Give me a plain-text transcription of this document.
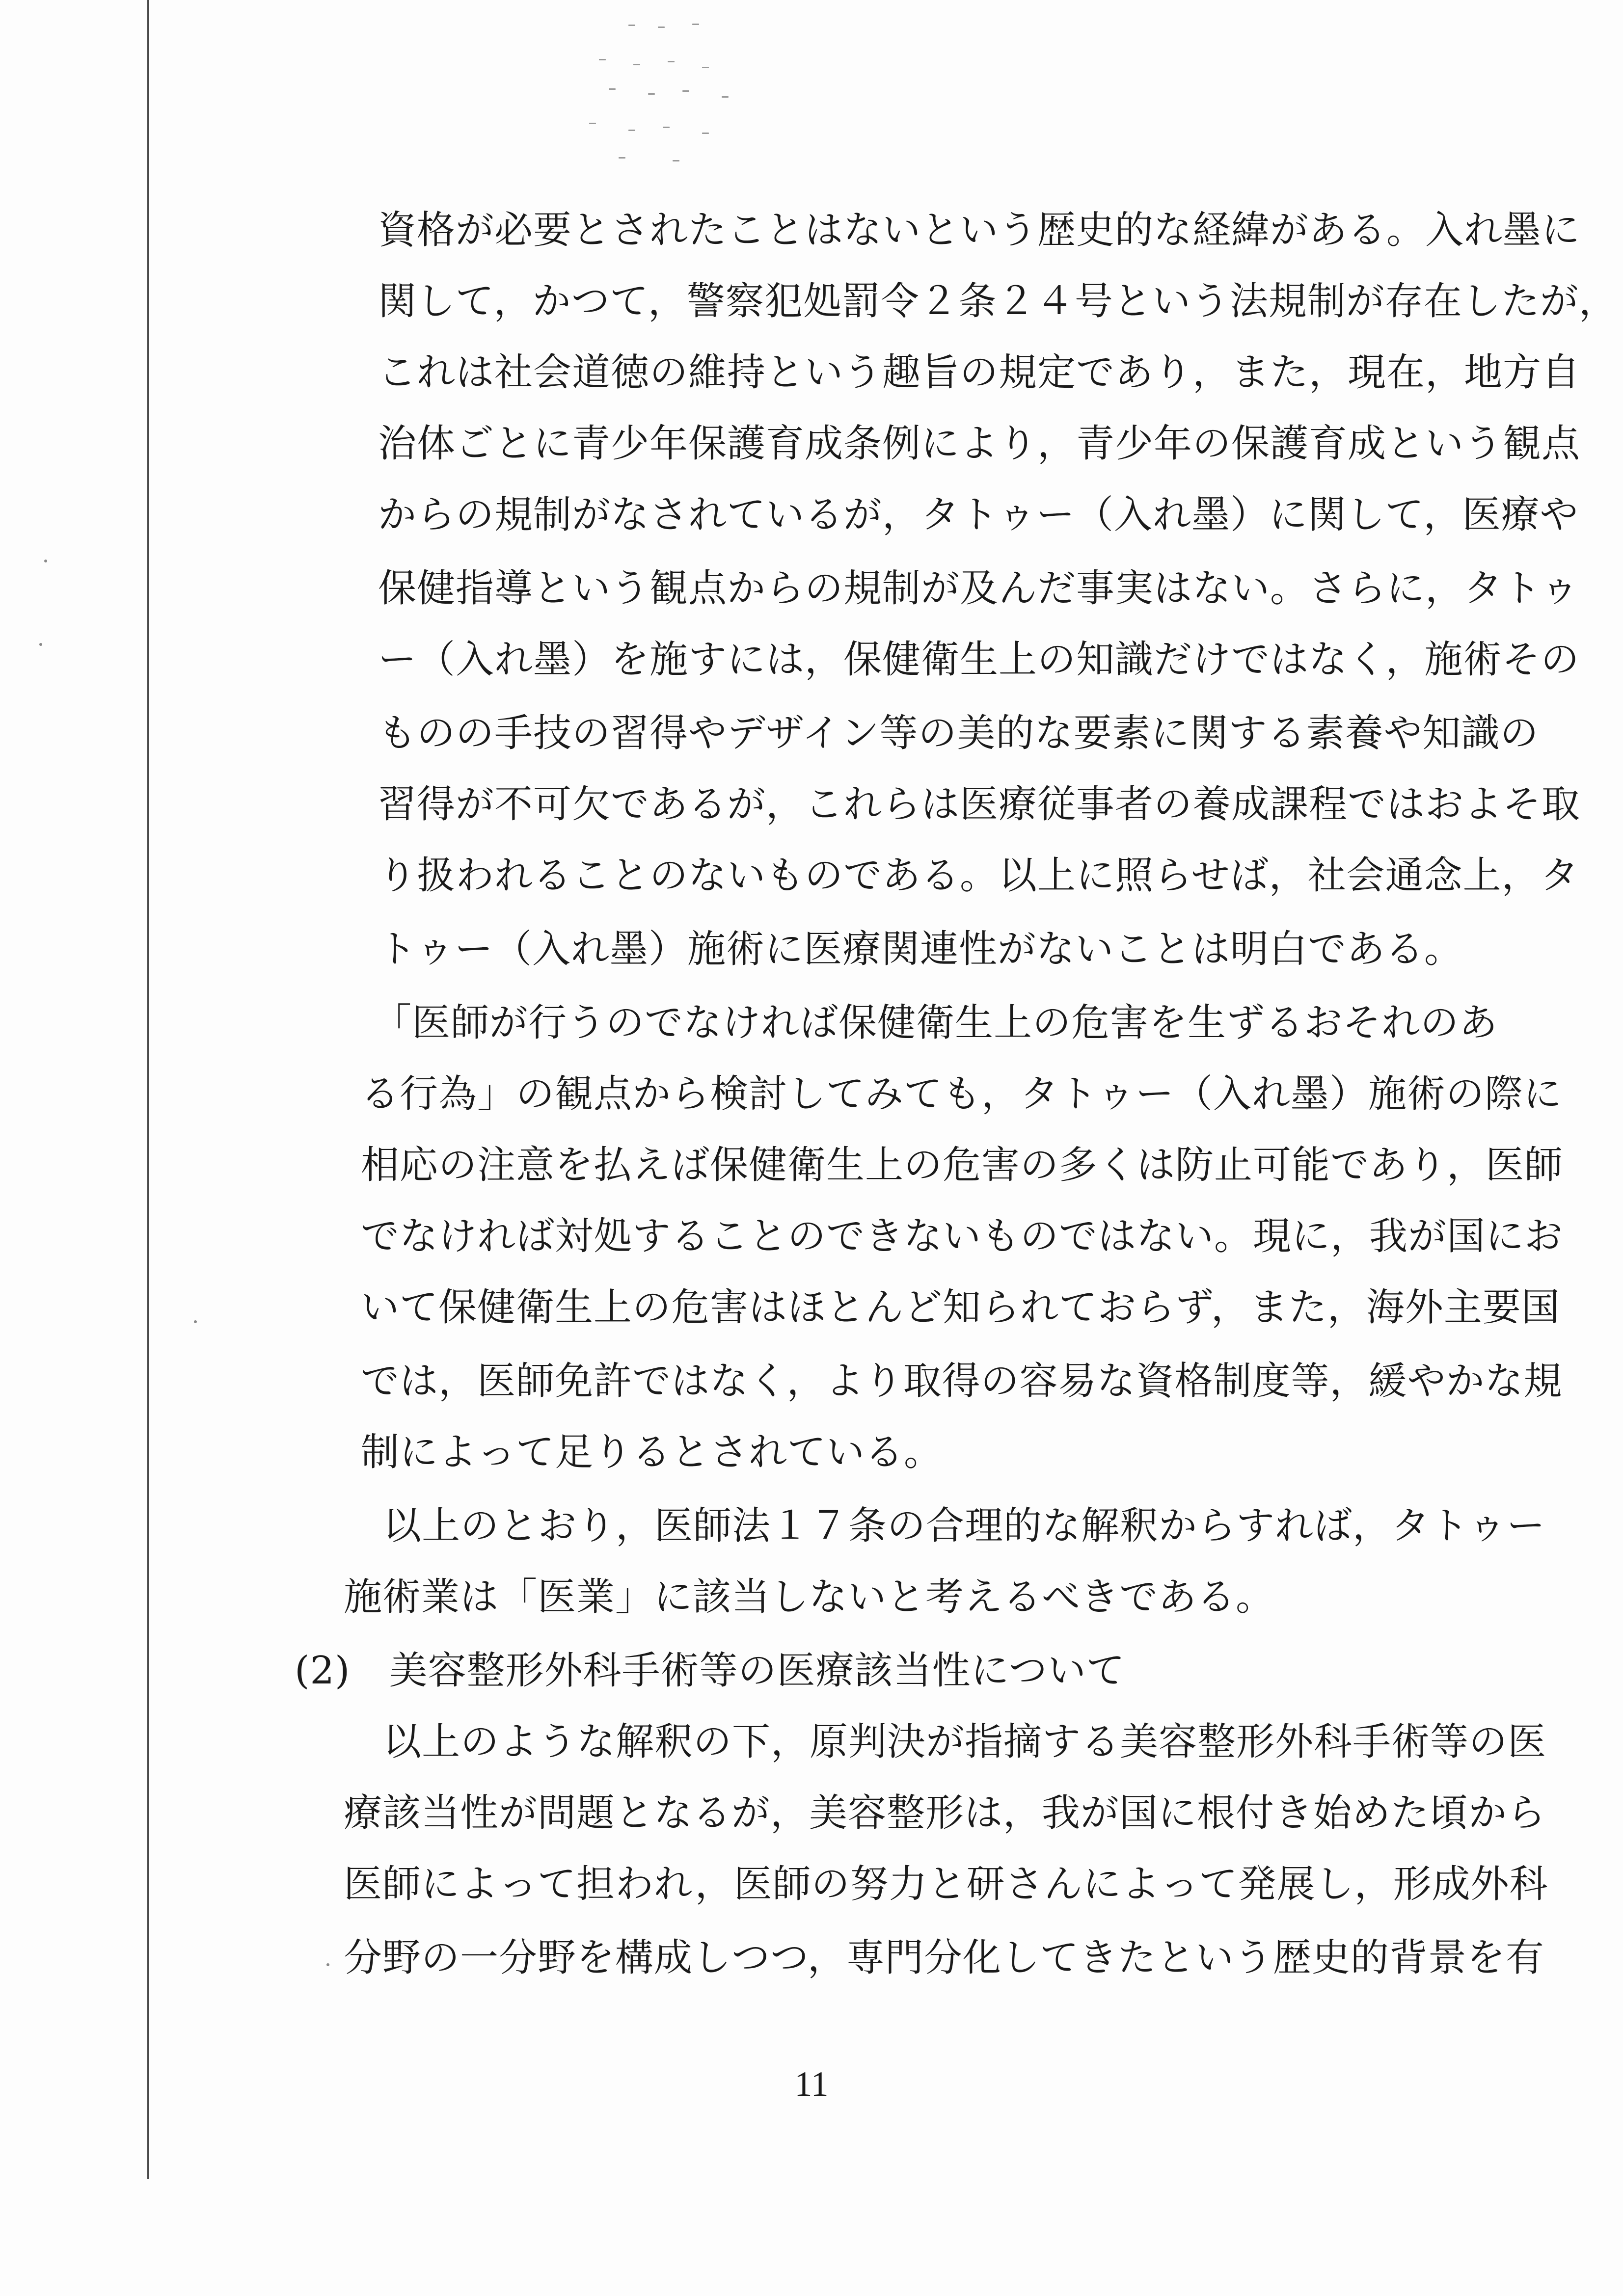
資格が必要とされたことはないという歴史的な経緯がある。入れ墨に
関して，かつて，警察犯処罰令２条２４号という法規制が存在したが，
これは社会道徳の維持という趣旨の規定であり，また，現在，地方自
治体ごとに青少年保護育成条例により，青少年の保護育成という観点
からの規制がなされているが，タトゥー（入れ墨）に関して，医療や
保健指導という観点からの規制が及んだ事実はない。さらに，タトゥ
ー（入れ墨）を施すには，保健衛生上の知識だけではなく，施術その
ものの手技の習得やデザイン等の美的な要素に関する素養や知識の
習得が不可欠であるが，これらは医療従事者の養成課程ではおよそ取
り扱われることのないものである。以上に照らせば，社会通念上，タ
トゥー（入れ墨）施術に医療関連性がないことは明白である。
「医師が行うのでなければ保健衛生上の危害を生ずるおそれのあ
る行為」の観点から検討してみても，タトゥー（入れ墨）施術の際に
相応の注意を払えば保健衛生上の危害の多くは防止可能であり，医師
でなければ対処することのできないものではない。現に，我が国にお
いて保健衛生上の危害はほとんど知られておらず，また，海外主要国
では，医師免許ではなく，より取得の容易な資格制度等，緩やかな規
制によって足りるとされている。
以上のとおり，医師法１７条の合理的な解釈からすれば，タトゥー
施術業は「医業」に該当しないと考えるべきである。
(2)　美容整形外科手術等の医療該当性について
以上のような解釈の下，原判決が指摘する美容整形外科手術等の医
療該当性が問題となるが，美容整形は，我が国に根付き始めた頃から
医師によって担われ，医師の努力と研さんによって発展し，形成外科
分野の一分野を構成しつつ，専門分化してきたという歴史的背景を有
11
